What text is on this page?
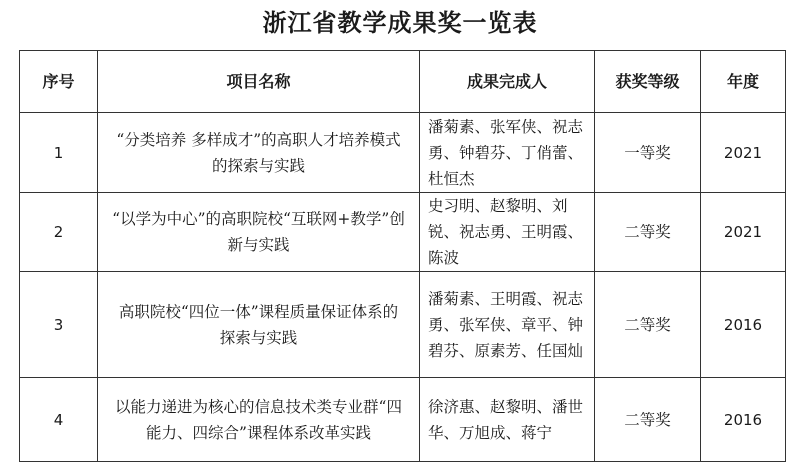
浙江省教学成果奖一览表
序号	项目名称	成果完成人	获奖等级	年度
1	“分类培养 多样成才”的高职人才培养模式的探索与实践	潘菊素、张军侠、祝志勇、钟碧芬、丁俏蕾、杜恒杰	一等奖	2021
2	“以学为中心”的高职院校“互联网+教学”创新与实践	史习明、赵黎明、刘锐、祝志勇、王明霞、陈波	二等奖	2021
3	高职院校“四位一体”课程质量保证体系的探索与实践	潘菊素、王明霞、祝志勇、张军侠、章平、钟碧芬、原素芳、任国灿	二等奖	2016
4	以能力递进为核心的信息技术类专业群“四能力、四综合”课程体系改革实践	徐济惠、赵黎明、潘世华、万旭成、蒋宁	二等奖	2016
